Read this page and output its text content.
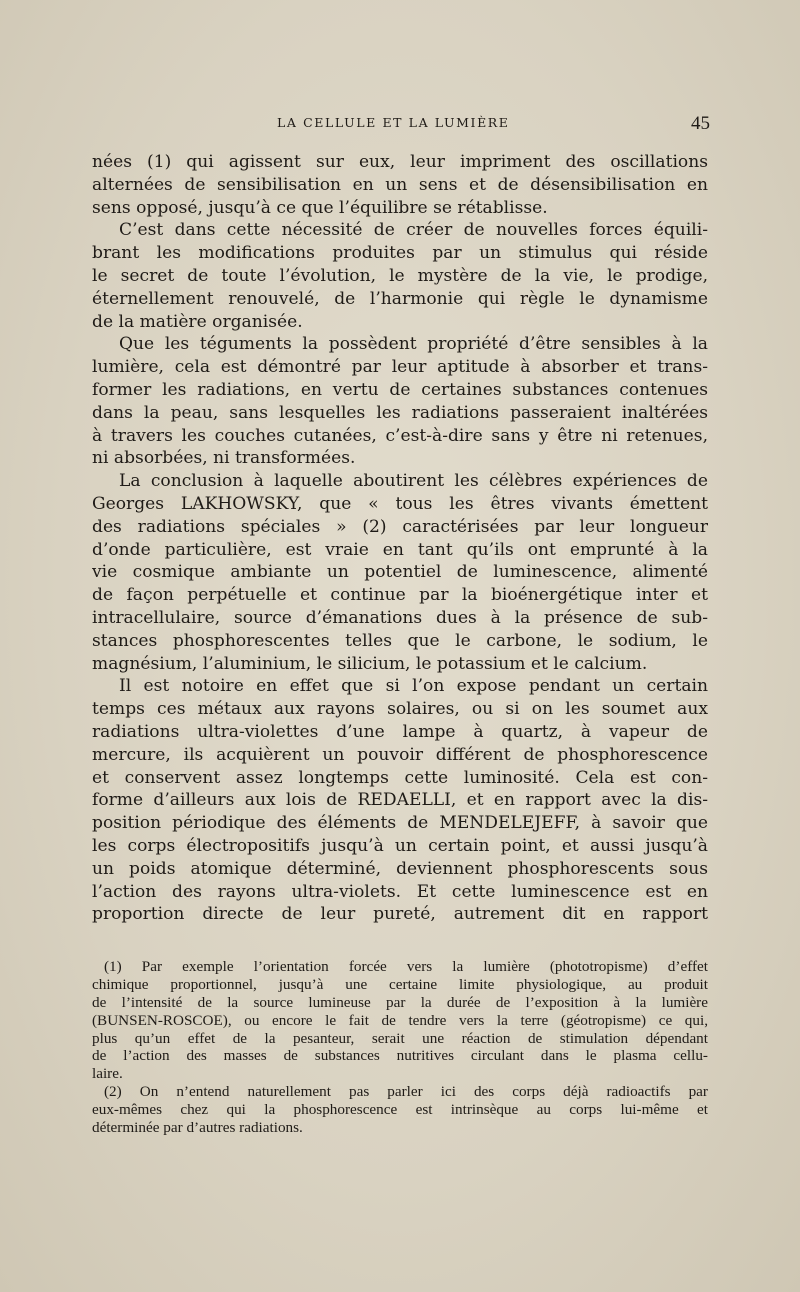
LA CELLULE ET LA LUMIÈRE	45
nées (1) qui agissent sur eux, leur impriment des oscillations
alternées de sensibilisation en un sens et de désensibilisation en
sens opposé, jusqu’à ce que l’équilibre se rétablisse.
C’est dans cette nécessité de créer de nouvelles forces équili-
brant les modifications produites par un stimulus qui réside
le secret de toute l’évolution, le mystère de la vie, le prodige,
éternellement renouvelé, de l’harmonie qui règle le dynamisme
de la matière organisée.
Que les téguments la possèdent propriété d’être sensibles à la
lumière, cela est démontré par leur aptitude à absorber et trans-
former les radiations, en vertu de certaines substances contenues
dans la peau, sans lesquelles les radiations passeraient inaltérées
à travers les couches cutanées, c’est-à-dire sans y être ni retenues,
ni absorbées, ni transformées.
La conclusion à laquelle aboutirent les célèbres expériences de
Georges LAKHOWSKY, que « tous les êtres vivants émettent
des radiations spéciales » (2) caractérisées par leur longueur
d’onde particulière, est vraie en tant qu’ils ont emprunté à la
vie cosmique ambiante un potentiel de luminescence, alimenté
de façon perpétuelle et continue par la bioénergétique inter et
intracellulaire, source d’émanations dues à la présence de sub-
stances phosphorescentes telles que le carbone, le sodium, le
magnésium, l’aluminium, le silicium, le potassium et le calcium.
Il est notoire en effet que si l’on expose pendant un certain
temps ces métaux aux rayons solaires, ou si on les soumet aux
radiations ultra-violettes d’une lampe à quartz, à vapeur de
mercure, ils acquièrent un pouvoir différent de phosphorescence
et conservent assez longtemps cette luminosité. Cela est con-
forme d’ailleurs aux lois de REDAELLI, et en rapport avec la dis-
position périodique des éléments de MENDELEJEFF, à savoir que
les corps électropositifs jusqu’à un certain point, et aussi jusqu’à
un poids atomique déterminé, deviennent phosphorescents sous
l’action des rayons ultra-violets. Et cette luminescence est en
proportion directe de leur pureté, autrement dit en rapport
(1) Par exemple l’orientation forcée vers la lumière (phototropisme) d’effet
chimique proportionnel, jusqu’à une certaine limite physiologique, au produit
de l’intensité de la source lumineuse par la durée de l’exposition à la lumière
(BUNSEN-ROSCOE), ou encore le fait de tendre vers la terre (géotropisme) ce qui,
plus qu’un effet de la pesanteur, serait une réaction de stimulation dépendant
de l’action des masses de substances nutritives circulant dans le plasma cellu-
laire.
(2) On n’entend naturellement pas parler ici des corps déjà radioactifs par
eux-mêmes chez qui la phosphorescence est intrinsèque au corps lui-même et
déterminée par d’autres radiations.
